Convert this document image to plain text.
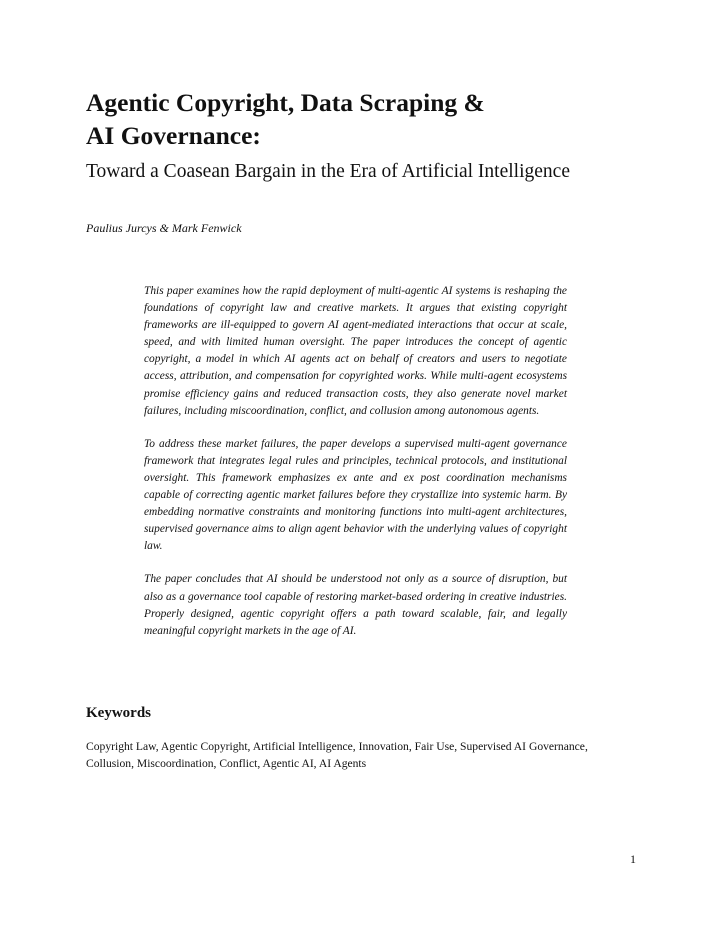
Agentic Copyright, Data Scraping &
AI Governance:
Toward a Coasean Bargain in the Era of Artificial Intelligence

Paulius Jurcys & Mark Fenwick

This paper examines how the rapid deployment of multi-agentic AI systems is reshaping the foundations of copyright law and creative markets. It argues that existing copyright frameworks are ill-equipped to govern AI agent-mediated interactions that occur at scale, speed, and with limited human oversight. The paper introduces the concept of agentic copyright, a model in which AI agents act on behalf of creators and users to negotiate access, attribution, and compensation for copyrighted works. While multi-agent ecosystems promise efficiency gains and reduced transaction costs, they also generate novel market failures, including miscoordination, conflict, and collusion among autonomous agents.

To address these market failures, the paper develops a supervised multi-agent governance framework that integrates legal rules and principles, technical protocols, and institutional oversight. This framework emphasizes ex ante and ex post coordination mechanisms capable of correcting agentic market failures before they crystallize into systemic harm. By embedding normative constraints and monitoring functions into multi-agent architectures, supervised governance aims to align agent behavior with the underlying values of copyright law.

The paper concludes that AI should be understood not only as a source of disruption, but also as a governance tool capable of restoring market-based ordering in creative industries. Properly designed, agentic copyright offers a path toward scalable, fair, and legally meaningful copyright markets in the age of AI.

Keywords

Copyright Law, Agentic Copyright, Artificial Intelligence, Innovation, Fair Use, Supervised AI Governance, Collusion, Miscoordination, Conflict, Agentic AI, AI Agents

1
